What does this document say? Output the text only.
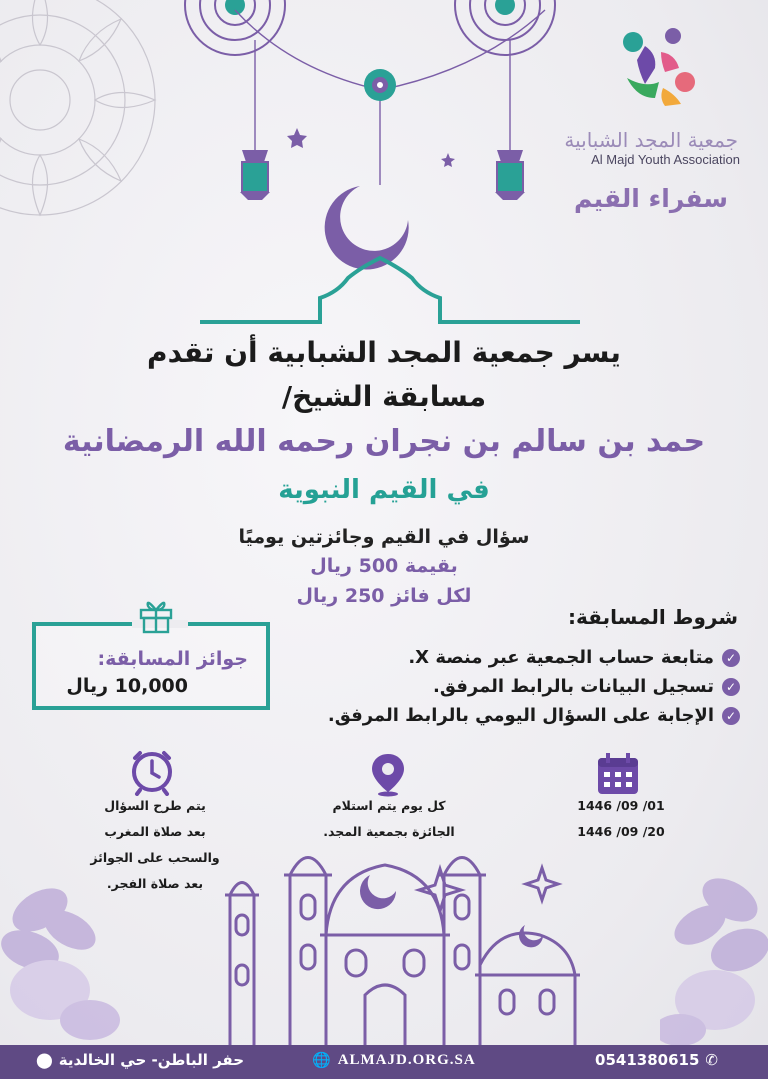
جمعية المجد الشبابية
Al Majd Youth Association
سفراء القيم
يسر جمعية المجد الشبابية أن تقدم
مسابقة الشيخ/
حمد بن سالم بن نجران رحمه الله الرمضانية
في القيم النبوية
سؤال في القيم وجائزتين يوميًا
بقيمة 500 ريال
لكل فائز 250 ريال
جوائز المسابقة:
10,000 ريال
شروط المسابقة:
✓
متابعة حساب الجمعية عبر منصة X.
✓
تسجيل البيانات بالرابط المرفق.
✓
الإجابة على السؤال اليومي بالرابط المرفق.
1446 /09 /01
1446 /09 /20
كل يوم يتم استلام
الجائزة بجمعية المجد.
يتم طرح السؤال
بعد صلاة المغرب
والسحب على الجوائز
بعد صلاة الفجر.
✆
0541380615
🌐 ALMAJD.ORG.SA
حفر الباطن- حي الخالدية
⬤
